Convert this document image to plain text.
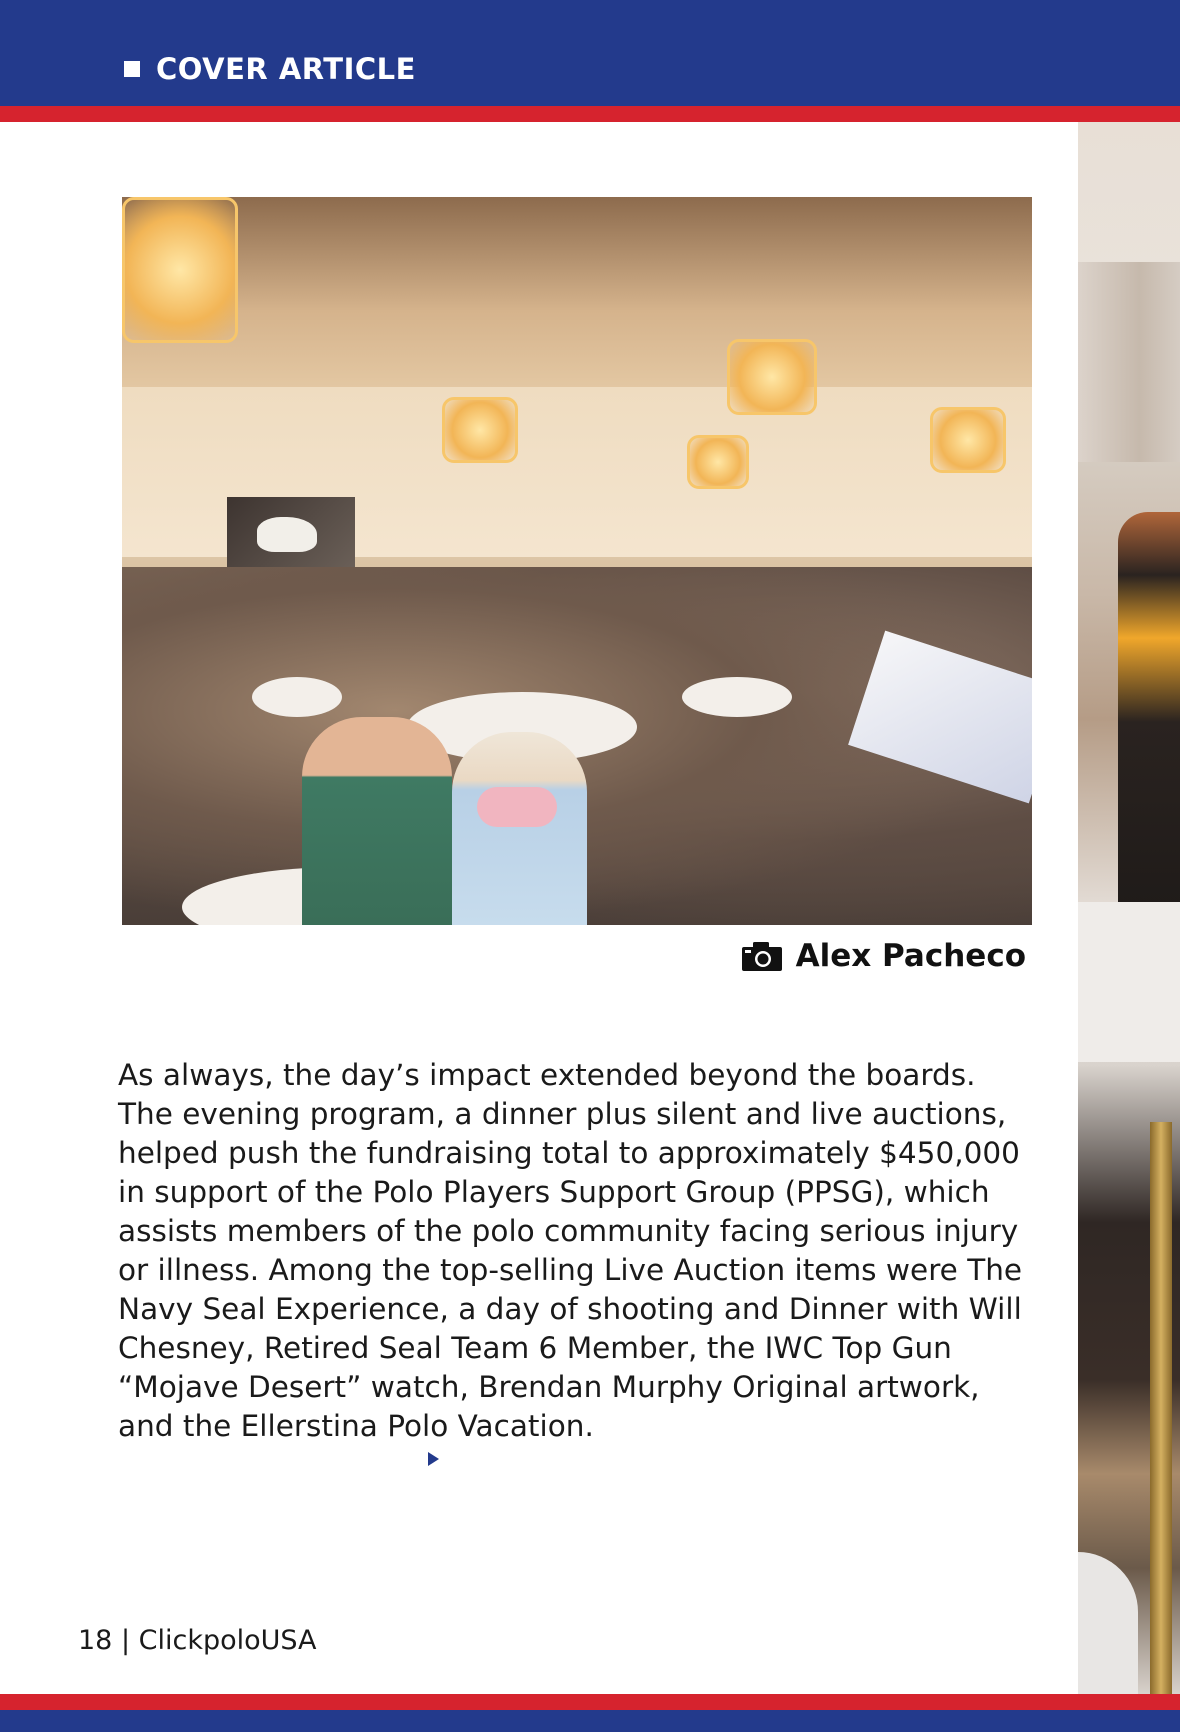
COVER ARTICLE
Alex Pacheco

As always, the day’s impact extended beyond the boards. The evening program, a dinner plus silent and live auctions, helped push the fundraising total to approximately $450,000 in support of the Polo Players Support Group (PPSG), which assists members of the polo community facing serious injury or illness. Among the top-selling Live Auction items were The Navy Seal Experience, a day of shooting and Dinner with Will Chesney, Retired Seal Team 6 Member, the IWC Top Gun “Mojave Desert” watch, Brendan Murphy Original artwork, and the Ellerstina Polo Vacation.

18 | ClickpoloUSA
